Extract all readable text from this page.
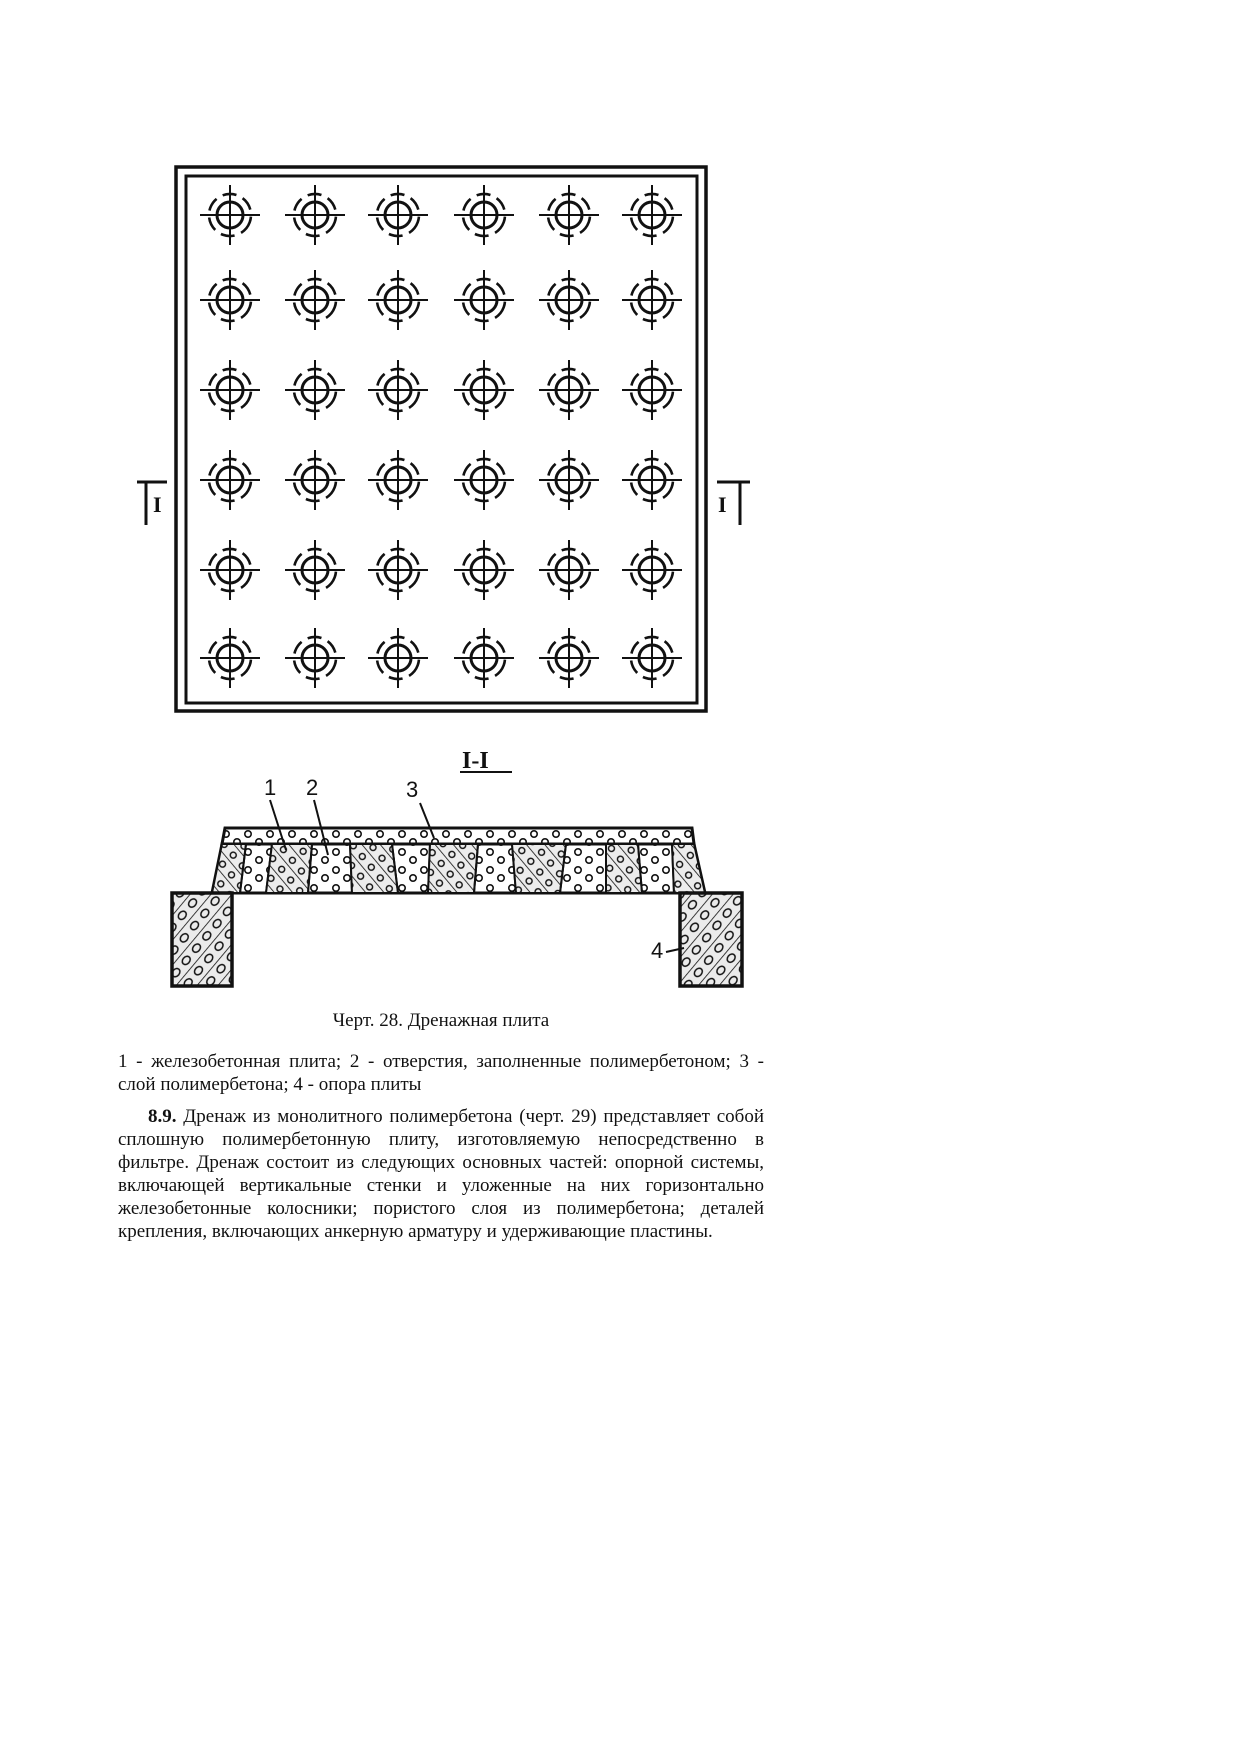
I	I
I-I
1 2	3
4
Черт. 28. Дренажная плита
1 - железобетонная плита; 2 - отверстия, заполненные полимербетоном; 3 - слой полимербетона; 4 - опора плиты
8.9. Дренаж из монолитного полимербетона (черт. 29) представляет собой сплошную полимербетонную плиту, изготовляемую непосредственно в фильтре. Дренаж состоит из следующих основных частей: опорной системы, включающей вертикальные стенки и уложенные на них горизонтально железобетонные колосники; пористого слоя из полимербетона; деталей крепления, включающих анкерную арматуру и удерживающие пластины.
